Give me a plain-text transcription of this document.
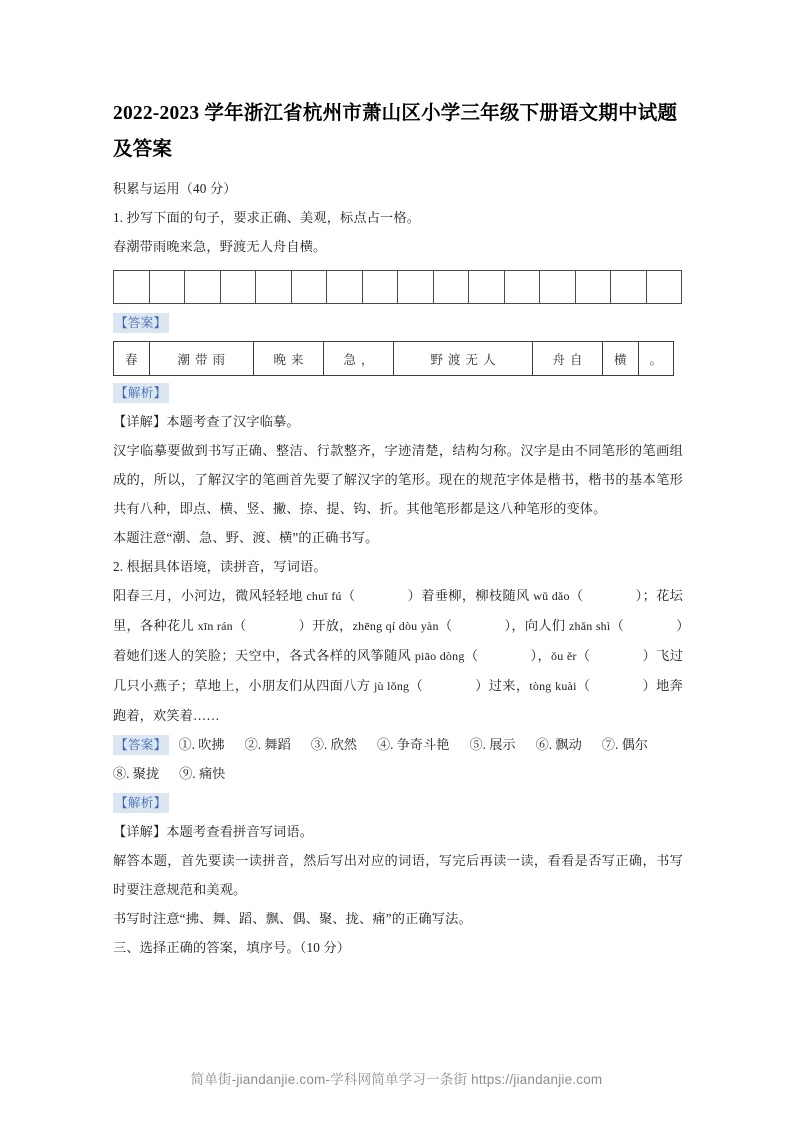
2022-2023 学年浙江省杭州市萧山区小学三年级下册语文期中试题及答案

积累与运用（40 分）

1. 抄写下面的句子，要求正确、美观，标点占一格。

春潮带雨晚来急，野渡无人舟自横。

【答案】

春	潮带雨	晚来	急，	野渡无人	舟自	横	。

【解析】

【详解】本题考查了汉字临摹。

汉字临摹要做到书写正确、整洁、行款整齐，字迹清楚，结构匀称。汉字是由不同笔形的笔画组成的，所以，了解汉字的笔画首先要了解汉字的笔形。现在的规范字体是楷书，楷书的基本笔形共有八种，即点、横、竖、撇、捺、提、钩、折。其他笔形都是这八种笔形的变体。

本题注意“潮、急、野、渡、横”的正确书写。

2. 根据具体语境，读拼音，写词语。

阳春三月，小河边，微风轻轻地 chuī fú（	）着垂柳，柳枝随风 wǔ dǎo（	）；花坛里，各种花儿 xīn rán（	）开放，zhēng qí dòu yàn（	），向人们 zhǎn shì（	）着她们迷人的笑脸；天空中，各式各样的风筝随风 piāo dòng（	），ǒu ěr（	）飞过几只小燕子；草地上，小朋友们从四面八方 jù lǒng（	）过来，tòng kuài（	）地奔跑着，欢笑着……

【答案】 ①. 吹拂 ②. 舞蹈 ③. 欣然 ④. 争奇斗艳 ⑤. 展示 ⑥. 飘动 ⑦. 偶尔⑧. 聚拢 ⑨. 痛快

【解析】

【详解】本题考查看拼音写词语。

解答本题，首先要读一读拼音，然后写出对应的词语，写完后再读一读，看看是否写正确，书写时要注意规范和美观。

书写时注意“拂、舞、蹈、飘、偶、聚、拢、痛”的正确写法。

三、选择正确的答案，填序号。（10 分）

简单街-jiandanjie.com-学科网简单学习一条街 https://jiandanjie.com
